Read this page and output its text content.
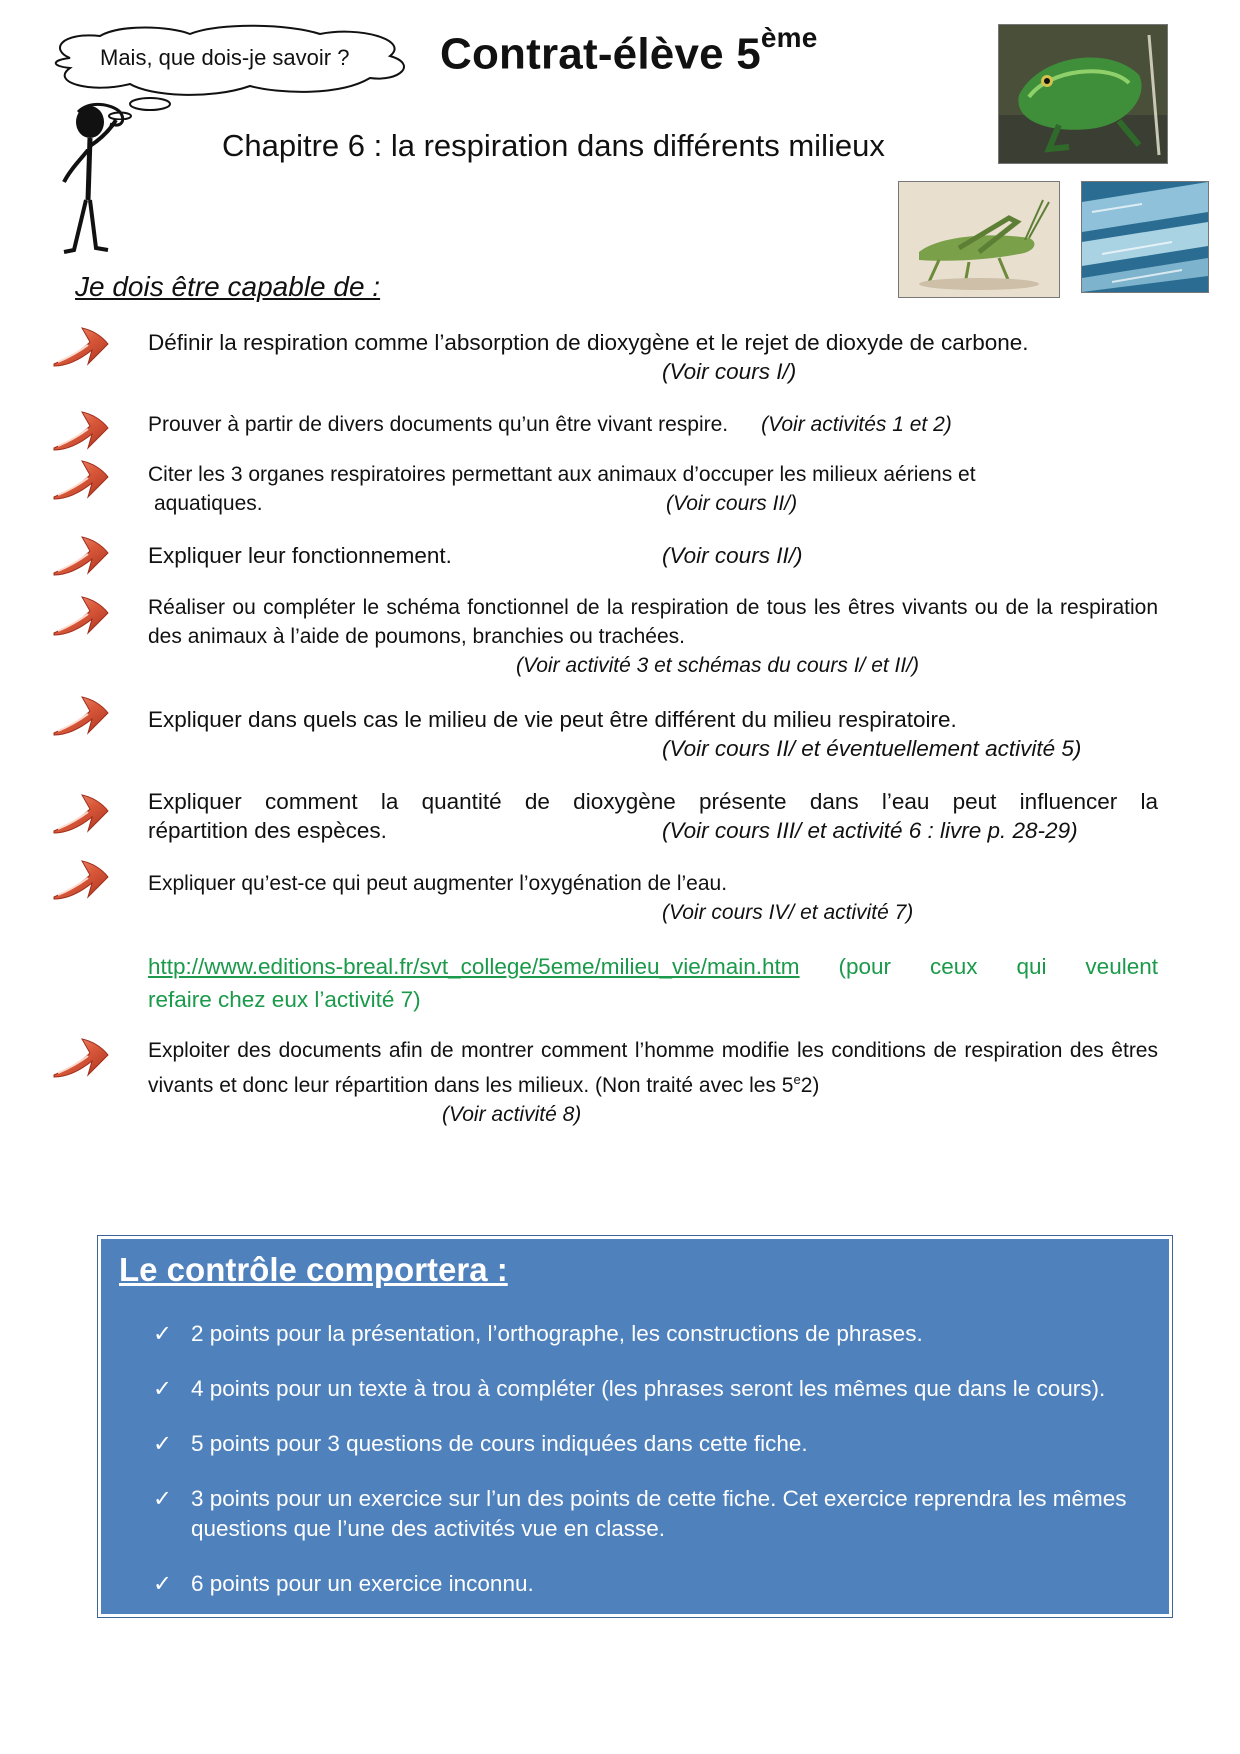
Mais, que dois-je savoir ? Contrat-élève 5ème
Chapitre 6 : la respiration dans différents milieux
Je dois être capable de :
Définir la respiration comme l’absorption de dioxygène et le rejet de dioxyde de carbone.
(Voir cours I/)
Prouver à partir de divers documents qu’un être vivant respire. (Voir activités 1 et 2)
Citer les 3 organes respiratoires permettant aux animaux d’occuper les milieux aériens et
aquatiques.	(Voir cours II/)
Expliquer leur fonctionnement.	(Voir cours II/)
Réaliser ou compléter le schéma fonctionnel de la respiration de tous les êtres vivants ou de la respiration des animaux à l’aide de poumons, branchies ou trachées.
(Voir activité 3 et schémas du cours I/ et II/)
Expliquer dans quels cas le milieu de vie peut être différent du milieu respiratoire.
(Voir cours II/ et éventuellement activité 5)
Expliquer comment la quantité de dioxygène présente dans l’eau peut influencer la
répartition des espèces.	(Voir cours III/ et activité 6 : livre p. 28-29)
Expliquer qu’est-ce qui peut augmenter l’oxygénation de l’eau.
(Voir cours IV/ et activité 7)
http://www.editions-breal.fr/svt_college/5eme/milieu_vie/main.htm (pour ceux qui veulent
refaire chez eux l’activité 7)
Exploiter des documents afin de montrer comment l’homme modifie les conditions de respiration des êtres vivants et donc leur répartition dans les milieux. (Non traité avec les 5e2)
(Voir activité 8)
Le contrôle comportera :
✓ 2 points pour la présentation, l’orthographe, les constructions de phrases.
✓ 4 points pour un texte à trou à compléter (les phrases seront les mêmes que dans le cours).
✓ 5 points pour 3 questions de cours indiquées dans cette fiche.
✓ 3 points pour un exercice sur l’un des points de cette fiche. Cet exercice reprendra les mêmes questions que l’une des activités vue en classe.
✓ 6 points pour un exercice inconnu.
